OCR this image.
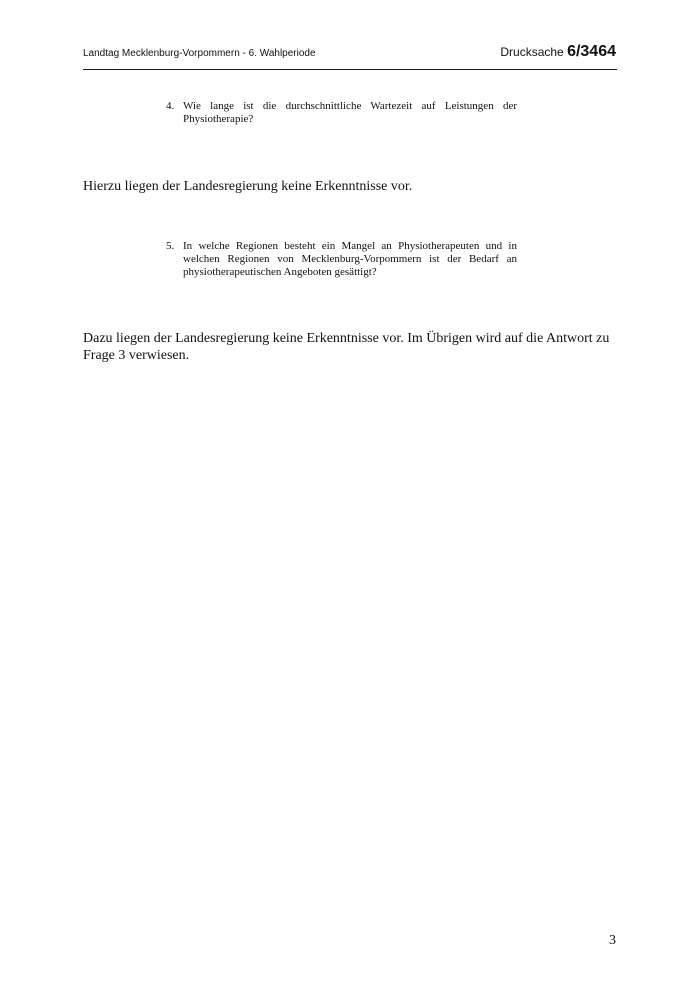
Landtag Mecklenburg-Vorpommern - 6. Wahlperiode	Drucksache 6/3464
4. Wie lange ist die durchschnittliche Wartezeit auf Leistungen der Physiotherapie?
Hierzu liegen der Landesregierung keine Erkenntnisse vor.
5. In welche Regionen besteht ein Mangel an Physiotherapeuten und in welchen Regionen von Mecklenburg-Vorpommern ist der Bedarf an physiotherapeutischen Angeboten gesättigt?
Dazu liegen der Landesregierung keine Erkenntnisse vor. Im Übrigen wird auf die Antwort zu Frage 3 verwiesen.
3
